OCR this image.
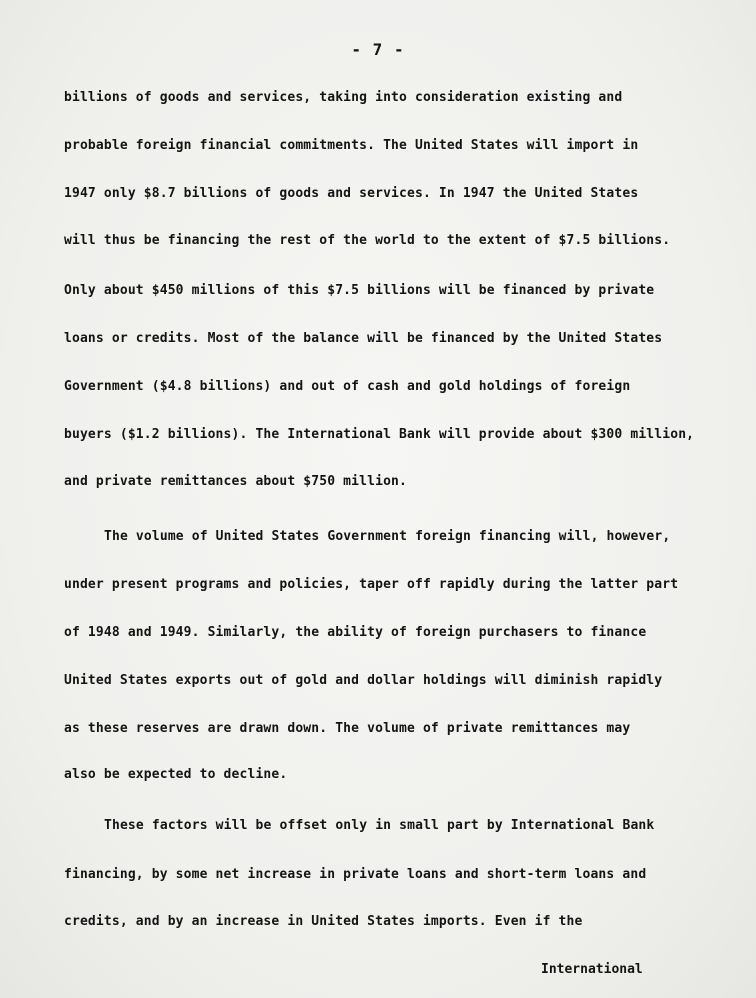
- 7 -
billions of goods and services, taking into consideration existing and
probable foreign financial commitments. The United States will import in
1947 only $8.7 billions of goods and services. In 1947 the United States
will thus be financing the rest of the world to the extent of $7.5 billions.
Only about $450 millions of this $7.5 billions will be financed by private
loans or credits. Most of the balance will be financed by the United States
Government ($4.8 billions) and out of cash and gold holdings of foreign
buyers ($1.2 billions). The International Bank will provide about $300 million,
and private remittances about $750 million.
The volume of United States Government foreign financing will, however,
under present programs and policies, taper off rapidly during the latter part
of 1948 and 1949. Similarly, the ability of foreign purchasers to finance
United States exports out of gold and dollar holdings will diminish rapidly
as these reserves are drawn down. The volume of private remittances may
also be expected to decline.
These factors will be offset only in small part by International Bank
financing, by some net increase in private loans and short-term loans and
credits, and by an increase in United States imports. Even if the
International
